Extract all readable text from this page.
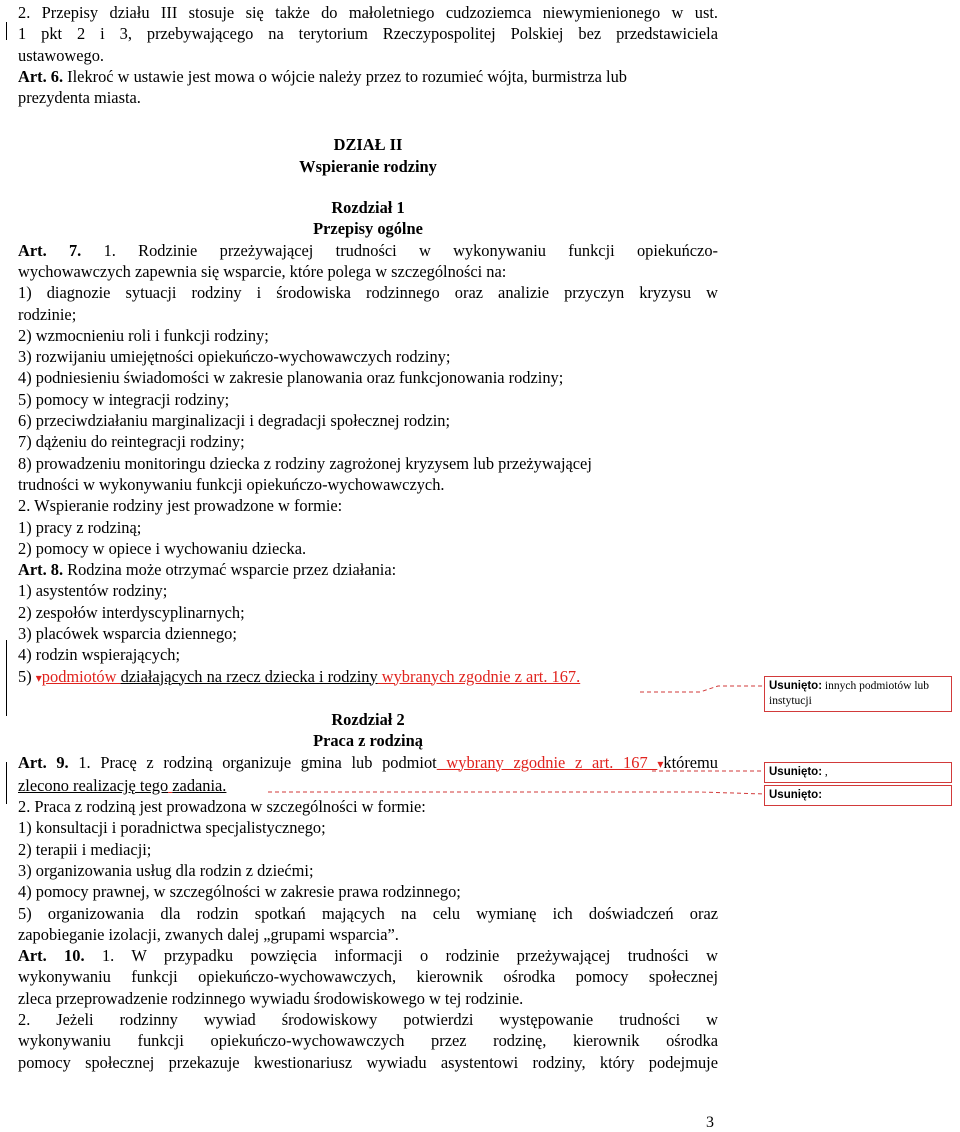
2. Przepisy działu III stosuje się także do małoletniego cudzoziemca niewymienionego w ust.

1 pkt 2 i 3, przebywającego na terytorium Rzeczypospolitej Polskiej bez przedstawiciela

ustawowego.

Art. 6. Ilekroć w ustawie jest mowa o wójcie należy przez to rozumieć wójta, burmistrza lub

prezydenta miasta.

DZIAŁ II

Wspieranie rodziny

Rozdział 1

Przepisy ogólne

Art. 7. 1. Rodzinie przeżywającej trudności w wykonywaniu funkcji opiekuńczo-

wychowawczych zapewnia się wsparcie, które polega w szczególności na:

1) diagnozie sytuacji rodziny i środowiska rodzinnego oraz analizie przyczyn kryzysu w

rodzinie;

2) wzmocnieniu roli i funkcji rodziny;

3) rozwijaniu umiejętności opiekuńczo-wychowawczych rodziny;

4) podniesieniu świadomości w zakresie planowania oraz funkcjonowania rodziny;

5) pomocy w integracji rodziny;

6) przeciwdziałaniu marginalizacji i degradacji społecznej rodzin;

7) dążeniu do reintegracji rodziny;

8) prowadzeniu monitoringu dziecka z rodziny zagrożonej kryzysem lub przeżywającej

trudności w wykonywaniu funkcji opiekuńczo-wychowawczych.

2. Wspieranie rodziny jest prowadzone w formie:

1) pracy z rodziną;

2) pomocy w opiece i wychowaniu dziecka.

Art. 8. Rodzina może otrzymać wsparcie przez działania:

1) asystentów rodziny;

2) zespołów interdyscyplinarnych;

3) placówek wsparcia dziennego;

4) rodzin wspierających;

5) ▾podmiotów działających na rzecz dziecka i rodziny wybranych zgodnie z art. 167.

Rozdział 2

Praca z rodziną

Art. 9. 1. Pracę z rodziną organizuje gmina lub podmiot wybrany zgodnie z art. 167 ▾któremu

zlecono realizację tego zadania.

2. Praca z rodziną jest prowadzona w szczególności w formie:

1) konsultacji i poradnictwa specjalistycznego;

2) terapii i mediacji;

3) organizowania usług dla rodzin z dziećmi;

4) pomocy prawnej, w szczególności w zakresie prawa rodzinnego;

5) organizowania dla rodzin spotkań mających na celu wymianę ich doświadczeń oraz

zapobieganie izolacji, zwanych dalej „grupami wsparcia”.

Art. 10. 1. W przypadku powzięcia informacji o rodzinie przeżywającej trudności w

wykonywaniu funkcji opiekuńczo-wychowawczych, kierownik ośrodka pomocy społecznej

zleca przeprowadzenie rodzinnego wywiadu środowiskowego w tej rodzinie.

2. Jeżeli rodzinny wywiad środowiskowy potwierdzi występowanie trudności w

wykonywaniu funkcji opiekuńczo-wychowawczych przez rodzinę, kierownik ośrodka

pomocy społecznej przekazuje kwestionariusz wywiadu asystentowi rodziny, który podejmuje

Usunięto: innych podmiotów lub instytucji
Usunięto: ,
Usunięto:
3
